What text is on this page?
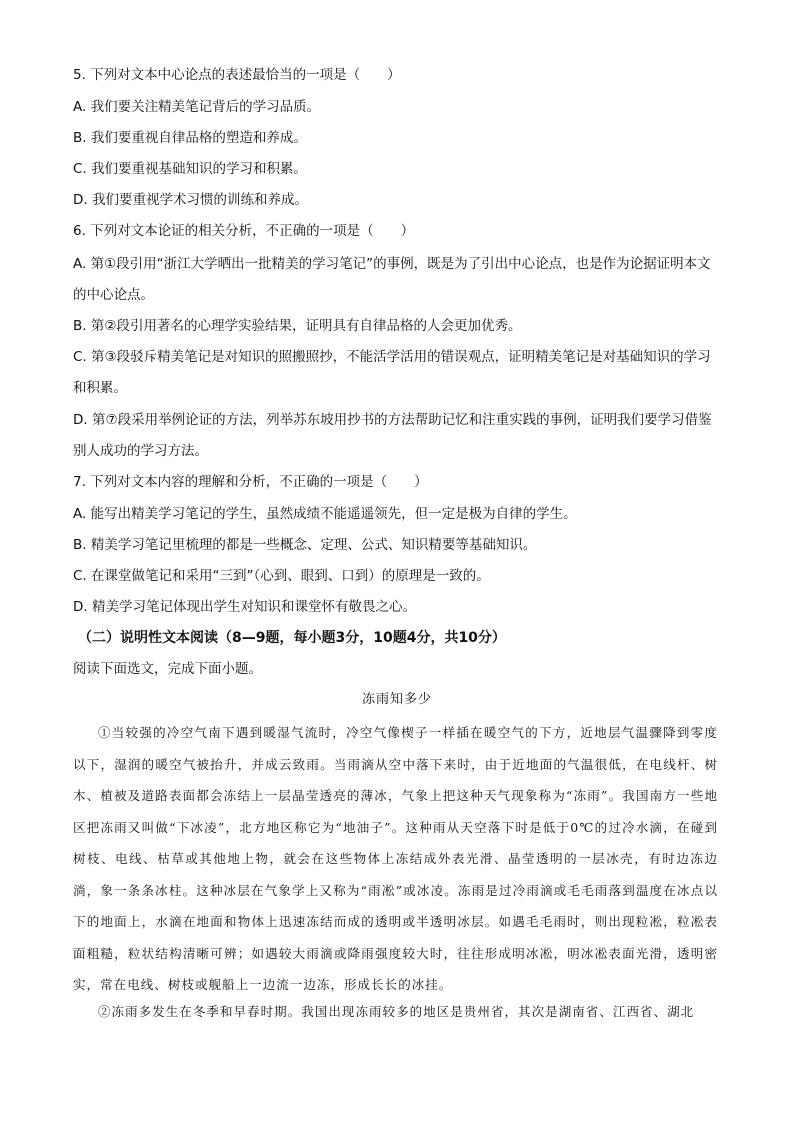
5. 下列对文本中心论点的表述最恰当的一项是（　　）

A. 我们要关注精美笔记背后的学习品质。

B. 我们要重视自律品格的塑造和养成。

C. 我们要重视基础知识的学习和积累。

D. 我们要重视学术习惯的训练和养成。

6. 下列对文本论证的相关分析，不正确的一项是（　　）

A. 第①段引用“浙江大学晒出一批精美的学习笔记”的事例，既是为了引出中心论点，也是作为论据证明本文的中心论点。

B. 第②段引用著名的心理学实验结果，证明具有自律品格的人会更加优秀。

C. 第③段驳斥精美笔记是对知识的照搬照抄，不能活学活用的错误观点，证明精美笔记是对基础知识的学习和积累。

D. 第⑦段采用举例论证的方法，列举苏东坡用抄书的方法帮助记忆和注重实践的事例，证明我们要学习借鉴别人成功的学习方法。

7. 下列对文本内容的理解和分析，不正确的一项是（　　）

A. 能写出精美学习笔记的学生，虽然成绩不能遥遥领先，但一定是极为自律的学生。

B. 精美学习笔记里梳理的都是一些概念、定理、公式、知识精要等基础知识。

C. 在课堂做笔记和采用“三到”（心到、眼到、口到）的原理是一致的。

D. 精美学习笔记体现出学生对知识和课堂怀有敬畏之心。

（二）说明性文本阅读（8—9题，每小题3分，10题4分，共10分）

阅读下面选文，完成下面小题。

冻雨知多少

①当较强的冷空气南下遇到暖湿气流时，冷空气像楔子一样插在暖空气的下方，近地层气温骤降到零度以下，湿润的暖空气被抬升，并成云致雨。当雨滴从空中落下来时，由于近地面的气温很低，在电线杆、树木、植被及道路表面都会冻结上一层晶莹透亮的薄冰，气象上把这种天气现象称为“冻雨”。我国南方一些地区把冻雨又叫做“下冰凌”，北方地区称它为“地油子”。这种雨从天空落下时是低于0℃的过冷水滴，在碰到树枝、电线、枯草或其他地上物，就会在这些物体上冻结成外表光滑、晶莹透明的一层冰壳，有时边冻边淌，象一条条冰柱。这种冰层在气象学上又称为“雨凇”或冰凌。冻雨是过冷雨滴或毛毛雨落到温度在冰点以下的地面上，水滴在地面和物体上迅速冻结而成的透明或半透明冰层。如遇毛毛雨时，则出现粒凇，粒凇表面粗糙，粒状结构清晰可辨；如遇较大雨滴或降雨强度较大时，往往形成明冰凇，明冰凇表面光滑，透明密实，常在电线、树枝或舰船上一边流一边冻，形成长长的冰挂。

②冻雨多发生在冬季和早春时期。我国出现冻雨较多的地区是贵州省，其次是湖南省、江西省、湖北
